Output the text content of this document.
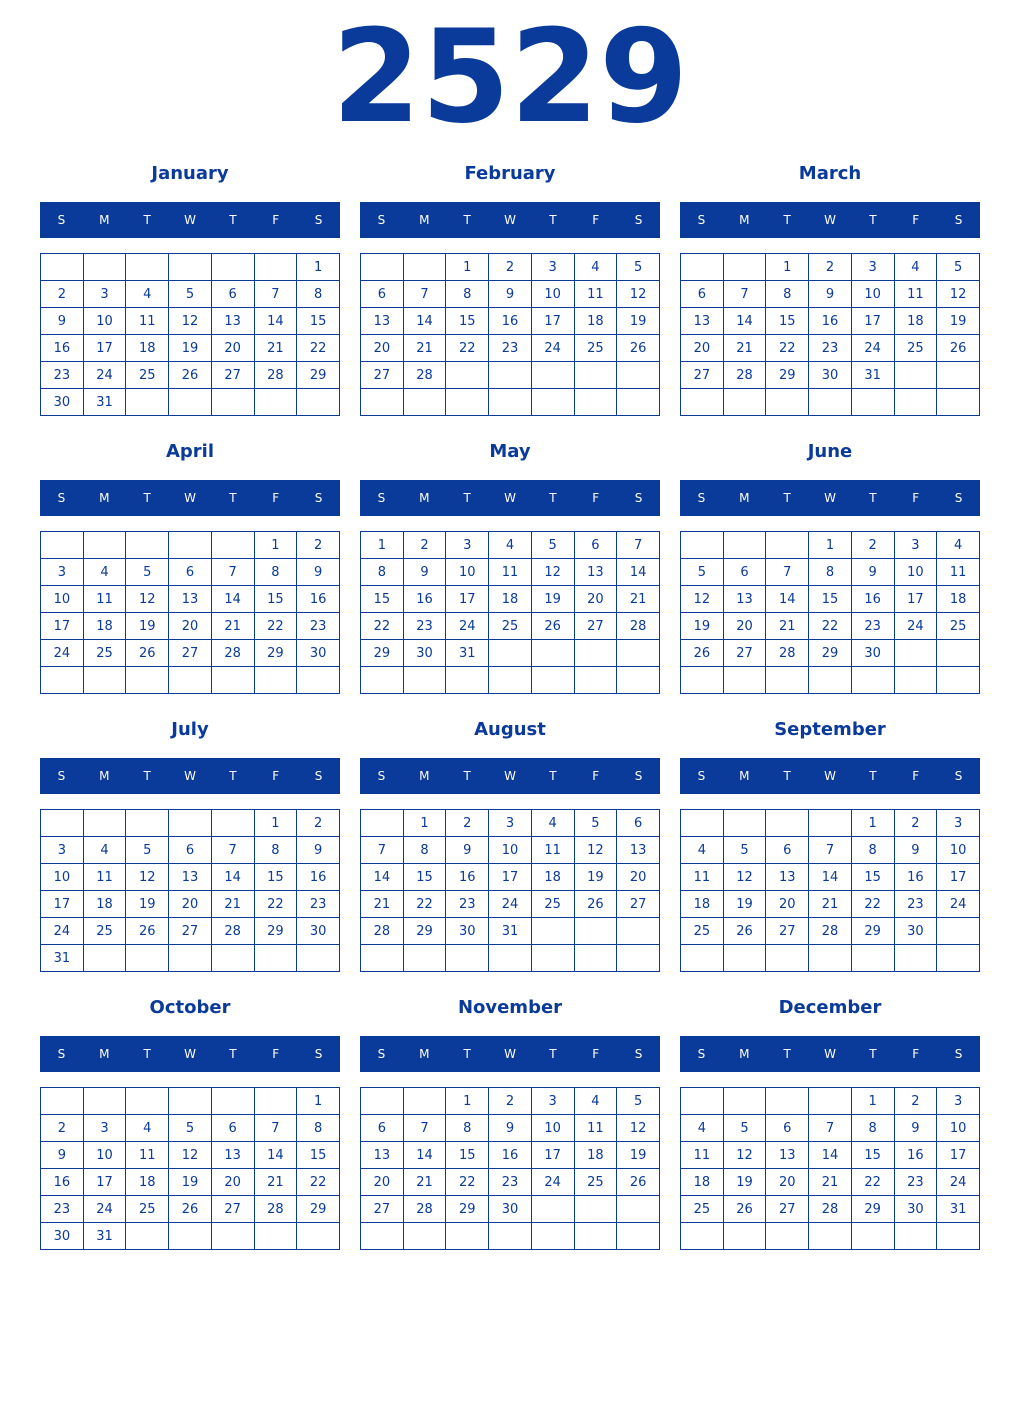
2529
January
S	M	T	W	T	F	S
						1
2	3	4	5	6	7	8
9	10	11	12	13	14	15
16	17	18	19	20	21	22
23	24	25	26	27	28	29
30	31					
February
S	M	T	W	T	F	S
		1	2	3	4	5
6	7	8	9	10	11	12
13	14	15	16	17	18	19
20	21	22	23	24	25	26
27	28					

March
S	M	T	W	T	F	S
		1	2	3	4	5
6	7	8	9	10	11	12
13	14	15	16	17	18	19
20	21	22	23	24	25	26
27	28	29	30	31		

April
S	M	T	W	T	F	S
					1	2
3	4	5	6	7	8	9
10	11	12	13	14	15	16
17	18	19	20	21	22	23
24	25	26	27	28	29	30

May
S	M	T	W	T	F	S
1	2	3	4	5	6	7
8	9	10	11	12	13	14
15	16	17	18	19	20	21
22	23	24	25	26	27	28
29	30	31				

June
S	M	T	W	T	F	S
			1	2	3	4
5	6	7	8	9	10	11
12	13	14	15	16	17	18
19	20	21	22	23	24	25
26	27	28	29	30		

July
S	M	T	W	T	F	S
					1	2
3	4	5	6	7	8	9
10	11	12	13	14	15	16
17	18	19	20	21	22	23
24	25	26	27	28	29	30
31						
August
S	M	T	W	T	F	S
	1	2	3	4	5	6
7	8	9	10	11	12	13
14	15	16	17	18	19	20
21	22	23	24	25	26	27
28	29	30	31			

September
S	M	T	W	T	F	S
				1	2	3
4	5	6	7	8	9	10
11	12	13	14	15	16	17
18	19	20	21	22	23	24
25	26	27	28	29	30	

October
S	M	T	W	T	F	S
						1
2	3	4	5	6	7	8
9	10	11	12	13	14	15
16	17	18	19	20	21	22
23	24	25	26	27	28	29
30	31					
November
S	M	T	W	T	F	S
		1	2	3	4	5
6	7	8	9	10	11	12
13	14	15	16	17	18	19
20	21	22	23	24	25	26
27	28	29	30			

December
S	M	T	W	T	F	S
				1	2	3
4	5	6	7	8	9	10
11	12	13	14	15	16	17
18	19	20	21	22	23	24
25	26	27	28	29	30	31
